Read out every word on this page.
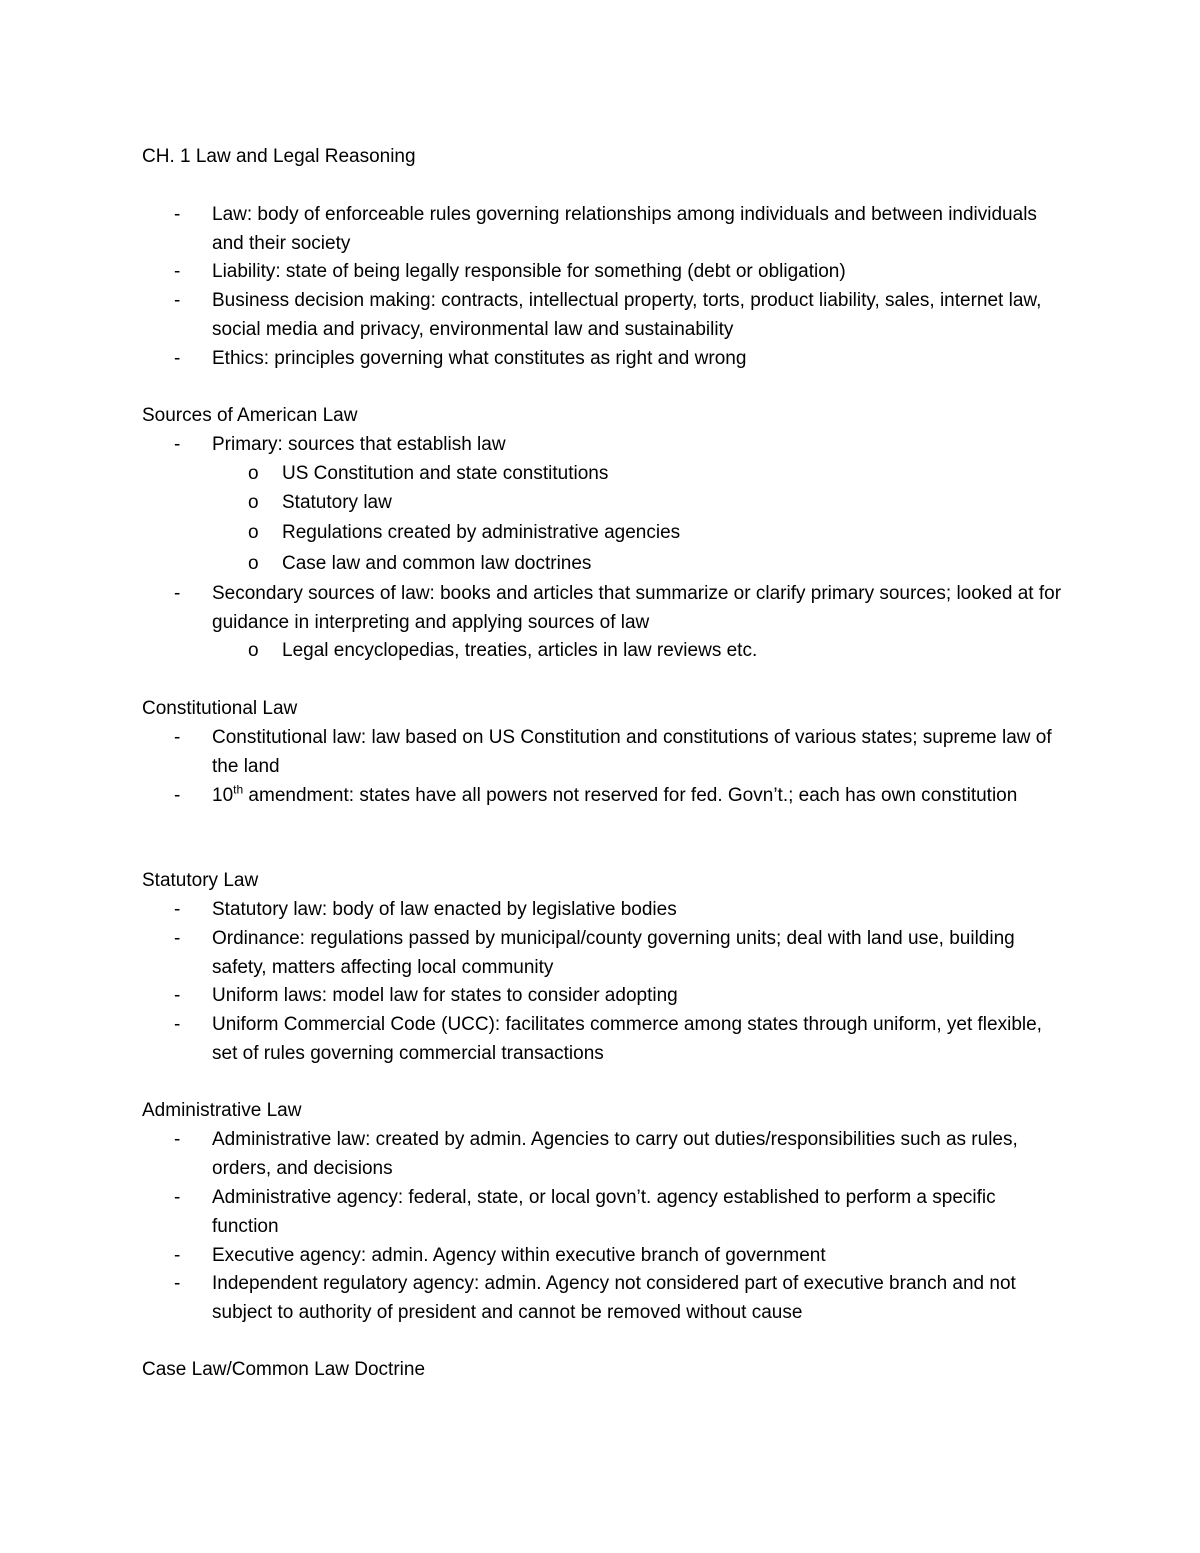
CH. 1 Law and Legal Reasoning
- Law: body of enforceable rules governing relationships among individuals and between individuals and their society
- Liability: state of being legally responsible for something (debt or obligation)
- Business decision making: contracts, intellectual property, torts, product liability, sales, internet law, social media and privacy, environmental law and sustainability
- Ethics: principles governing what constitutes as right and wrong
Sources of American Law
- Primary: sources that establish law
o US Constitution and state constitutions
o Statutory law
o Regulations created by administrative agencies
o Case law and common law doctrines
- Secondary sources of law: books and articles that summarize or clarify primary sources; looked at for guidance in interpreting and applying sources of law
o Legal encyclopedias, treaties, articles in law reviews etc.
Constitutional Law
- Constitutional law: law based on US Constitution and constitutions of various states; supreme law of the land
- 10th amendment: states have all powers not reserved for fed. Govn’t.; each has own constitution
Statutory Law
- Statutory law: body of law enacted by legislative bodies
- Ordinance: regulations passed by municipal/county governing units; deal with land use, building safety, matters affecting local community
- Uniform laws: model law for states to consider adopting
- Uniform Commercial Code (UCC): facilitates commerce among states through uniform, yet flexible, set of rules governing commercial transactions
Administrative Law
- Administrative law: created by admin. Agencies to carry out duties/responsibilities such as rules, orders, and decisions
- Administrative agency: federal, state, or local govn’t. agency established to perform a specific function
- Executive agency: admin. Agency within executive branch of government
- Independent regulatory agency: admin. Agency not considered part of executive branch and not subject to authority of president and cannot be removed without cause
Case Law/Common Law Doctrine
